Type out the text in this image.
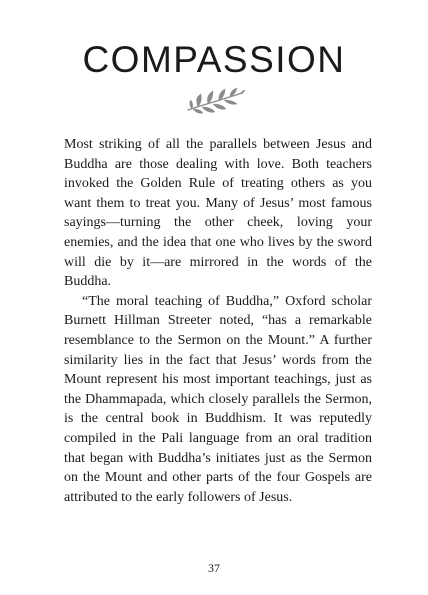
COMPASSION

Most striking of all the parallels between Jesus and Buddha are those dealing with love. Both teachers invoked the Golden Rule of treating others as you want them to treat you. Many of Jesus’ most famous sayings—turning the other cheek, loving your enemies, and the idea that one who lives by the sword will die by it—are mirrored in the words of the Buddha.

“The moral teaching of Buddha,” Oxford scholar Burnett Hillman Streeter noted, “has a remarkable resemblance to the Sermon on the Mount.” A further similarity lies in the fact that Jesus’ words from the Mount represent his most important teachings, just as the Dhammapada, which closely parallels the Sermon, is the central book in Buddhism. It was reputedly compiled in the Pali language from an oral tradition that began with Buddha’s initiates just as the Sermon on the Mount and other parts of the four Gospels are attributed to the early followers of Jesus.

37
